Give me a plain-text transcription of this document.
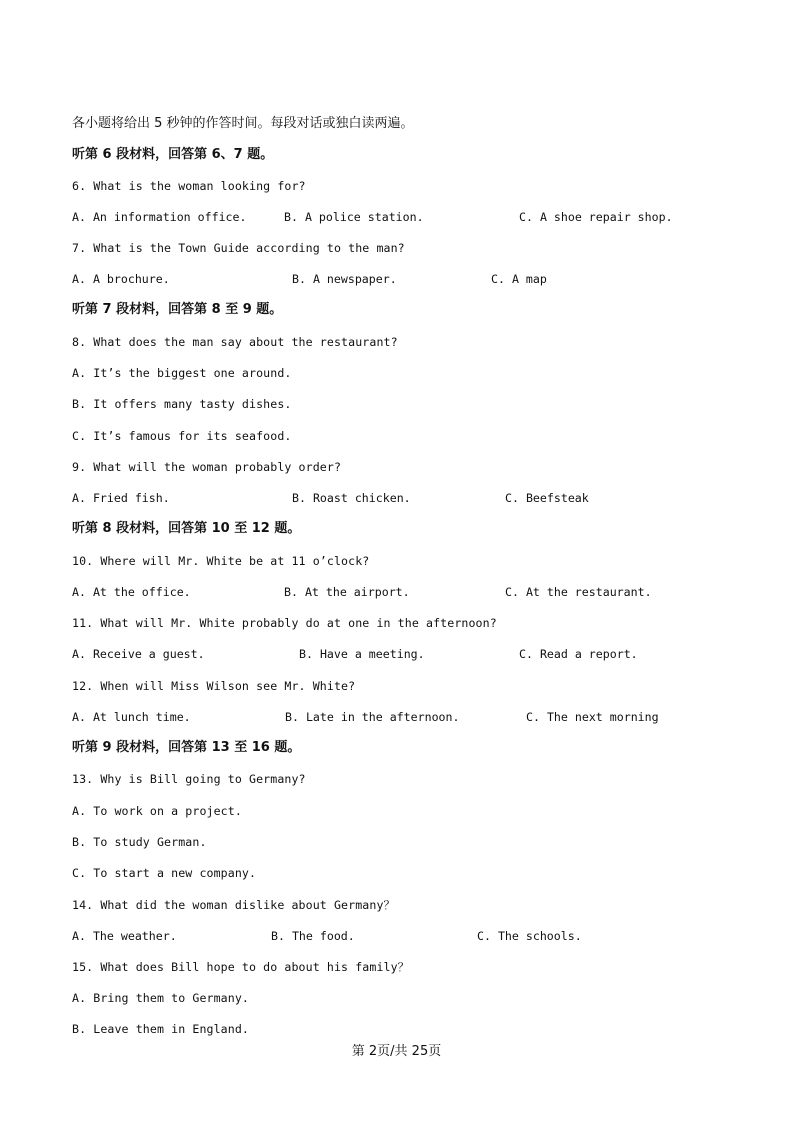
各小题将给出 5 秒钟的作答时间。每段对话或独白读两遍。
听第 6 段材料，回答第 6、7 题。
6. What is the woman looking for?
A. An information office.	B. A police station.	C. A shoe repair shop.
7. What is the Town Guide according to the man?
A. A brochure.	B. A newspaper.	C. A map
听第 7 段材料，回答第 8 至 9 题。
8. What does the man say about the restaurant?
A. It’s the biggest one around.
B. It offers many tasty dishes.
C. It’s famous for its seafood.
9. What will the woman probably order?
A. Fried fish.	B. Roast chicken.	C. Beefsteak
听第 8 段材料，回答第 10 至 12 题。
10. Where will Mr. White be at 11 o’clock?
A. At the office.	B. At the airport.	C. At the restaurant.
11. What will Mr. White probably do at one in the afternoon?
A. Receive a guest.	B. Have a meeting.	C. Read a report.
12. When will Miss Wilson see Mr. White?
A. At lunch time.	B. Late in the afternoon.	C. The next morning
听第 9 段材料，回答第 13 至 16 题。
13. Why is Bill going to Germany?
A. To work on a project.
B. To study German.
C. To start a new company.
14. What did the woman dislike about Germany？
A. The weather.	B. The food.	C. The schools.
15. What does Bill hope to do about his family？
A. Bring them to Germany.
B. Leave them in England.
第 2页/共 25页
